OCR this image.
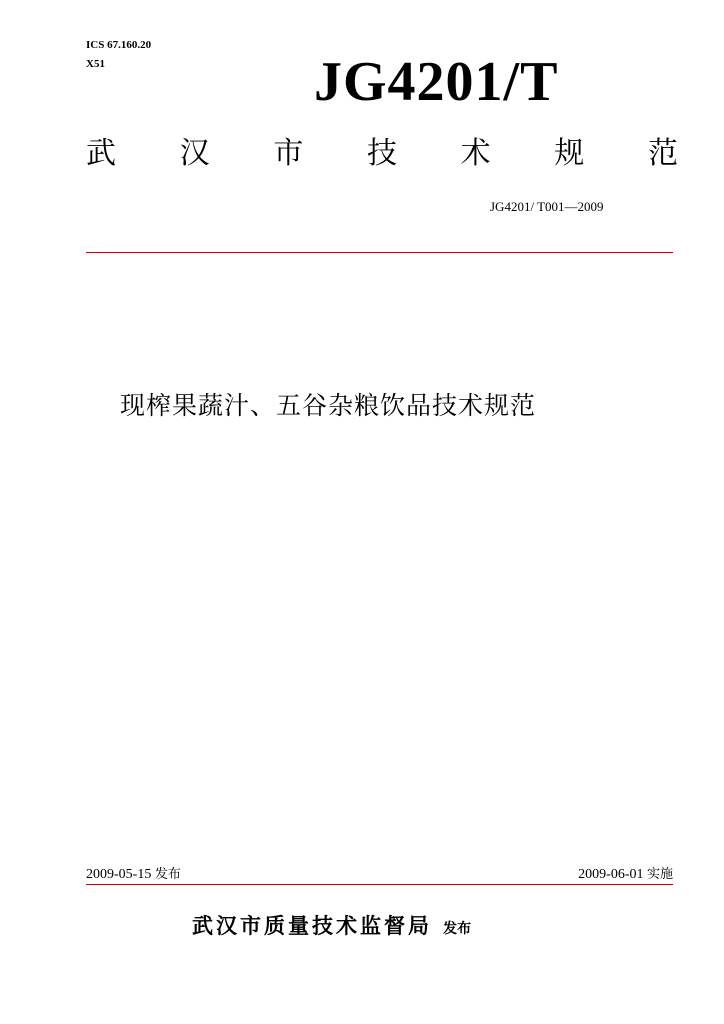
ICS 67.160.20
X51	JG4201/T
武 汉 市 技 术 规 范
JG4201/ T001—2009
现榨果蔬汁、五谷杂粮饮品技术规范
2009-05-15 发布	2009-06-01 实施
武汉市质量技术监督局 发布
